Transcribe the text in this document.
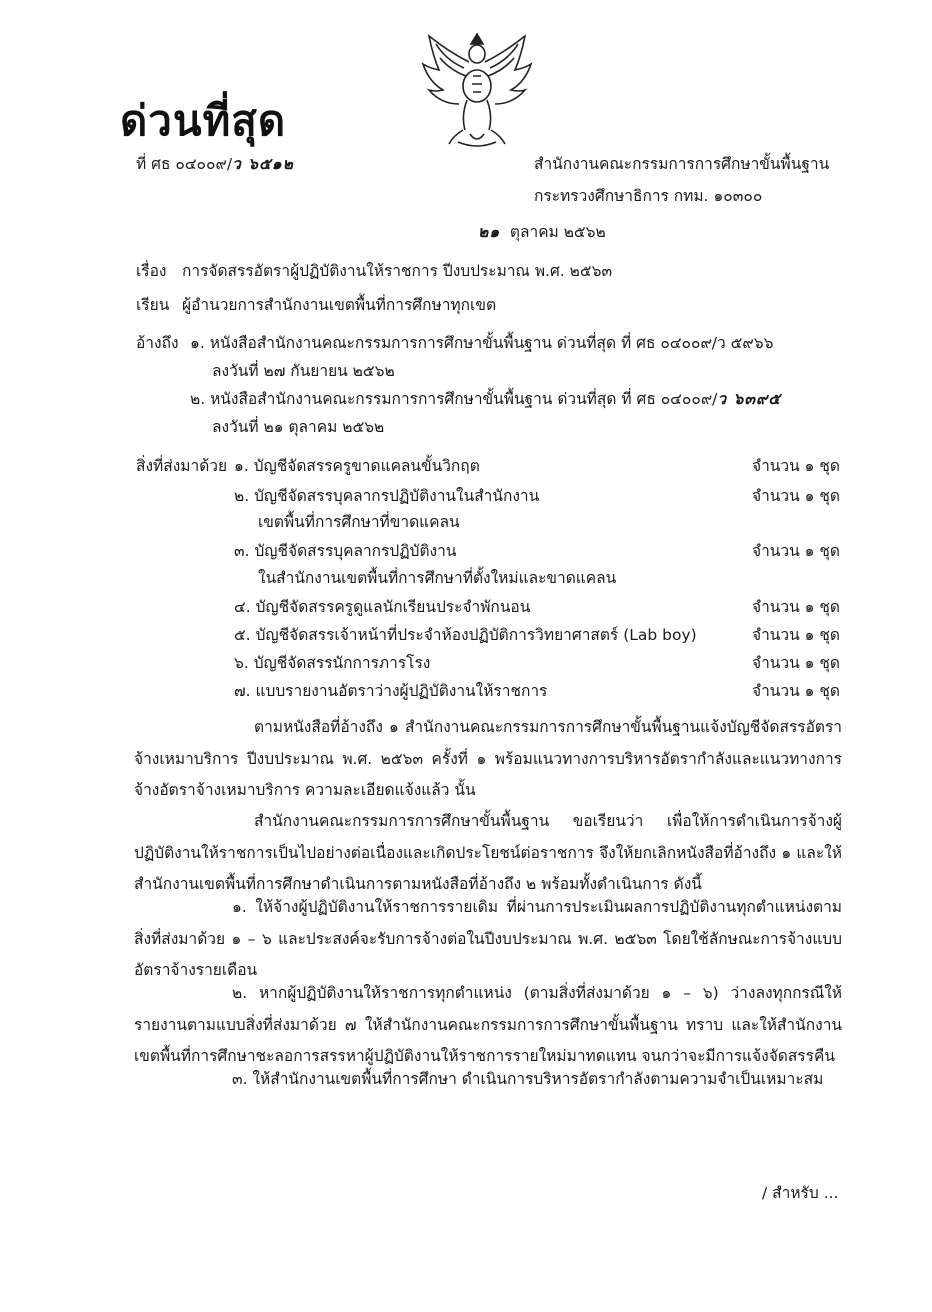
ด่วนที่สุด
ที่ ศธ ๐๔๐๐๙/ว ๖๕๑๒	สำนักงานคณะกรรมการการศึกษาขั้นพื้นฐาน
กระทรวงศึกษาธิการ กทม. ๑๐๓๐๐
๒๑ ตุลาคม ๒๕๖๒
เรื่อง การจัดสรรอัตราผู้ปฏิบัติงานให้ราชการ ปีงบประมาณ พ.ศ. ๒๕๖๓
เรียน ผู้อำนวยการสำนักงานเขตพื้นที่การศึกษาทุกเขต
อ้างถึง ๑. หนังสือสำนักงานคณะกรรมการการศึกษาขั้นพื้นฐาน ด่วนที่สุด ที่ ศธ ๐๔๐๐๙/ว ๕๙๖๖
ลงวันที่ ๒๗ กันยายน ๒๕๖๒
๒. หนังสือสำนักงานคณะกรรมการการศึกษาขั้นพื้นฐาน ด่วนที่สุด ที่ ศธ ๐๔๐๐๙/ว ๖๓๙๕
ลงวันที่ ๒๑ ตุลาคม ๒๕๖๒
สิ่งที่ส่งมาด้วย ๑. บัญชีจัดสรรครูขาดแคลนขั้นวิกฤต	จำนวน ๑ ชุด
๒. บัญชีจัดสรรบุคลากรปฏิบัติงานในสำนักงาน
เขตพื้นที่การศึกษาที่ขาดแคลน
จำนวน ๑ ชุด
๓. บัญชีจัดสรรบุคลากรปฏิบัติงาน
ในสำนักงานเขตพื้นที่การศึกษาที่ตั้งใหม่และขาดแคลน
จำนวน ๑ ชุด
๔. บัญชีจัดสรรครูดูแลนักเรียนประจำพักนอน	จำนวน ๑ ชุด
๕. บัญชีจัดสรรเจ้าหน้าที่ประจำห้องปฏิบัติการวิทยาศาสตร์ (Lab boy)	จำนวน ๑ ชุด
๖. บัญชีจัดสรรนักการภารโรง	จำนวน ๑ ชุด
๗. แบบรายงานอัตราว่างผู้ปฏิบัติงานให้ราชการ	จำนวน ๑ ชุด
ตามหนังสือที่อ้างถึง ๑ สำนักงานคณะกรรมการการศึกษาขั้นพื้นฐานแจ้งบัญชีจัดสรรอัตราจ้างเหมาบริการ ปีงบประมาณ พ.ศ. ๒๕๖๓ ครั้งที่ ๑ พร้อมแนวทางการบริหารอัตรากำลังและแนวทางการจ้างอัตราจ้างเหมาบริการ ความละเอียดแจ้งแล้ว นั้น
สำนักงานคณะกรรมการการศึกษาขั้นพื้นฐาน ขอเรียนว่า เพื่อให้การดำเนินการจ้างผู้ปฏิบัติงานให้ราชการเป็นไปอย่างต่อเนื่องและเกิดประโยชน์ต่อราชการ จึงให้ยกเลิกหนังสือที่อ้างถึง ๑ และให้สำนักงานเขตพื้นที่การศึกษาดำเนินการตามหนังสือที่อ้างถึง ๒ พร้อมทั้งดำเนินการ ดังนี้
๑. ให้จ้างผู้ปฏิบัติงานให้ราชการรายเดิม ที่ผ่านการประเมินผลการปฏิบัติงานทุกตำแหน่งตามสิ่งที่ส่งมาด้วย ๑ – ๖ และประสงค์จะรับการจ้างต่อในปีงบประมาณ พ.ศ. ๒๕๖๓ โดยใช้ลักษณะการจ้างแบบอัตราจ้างรายเดือน
๒. หากผู้ปฏิบัติงานให้ราชการทุกตำแหน่ง (ตามสิ่งที่ส่งมาด้วย ๑ – ๖) ว่างลงทุกกรณีให้รายงานตามแบบสิ่งที่ส่งมาด้วย ๗ ให้สำนักงานคณะกรรมการการศึกษาขั้นพื้นฐาน ทราบ และให้สำนักงานเขตพื้นที่การศึกษาชะลอการสรรหาผู้ปฏิบัติงานให้ราชการรายใหม่มาทดแทน จนกว่าจะมีการแจ้งจัดสรรคืน
๓. ให้สำนักงานเขตพื้นที่การศึกษา ดำเนินการบริหารอัตรากำลังตามความจำเป็นเหมาะสม
/ สำหรับ ...
